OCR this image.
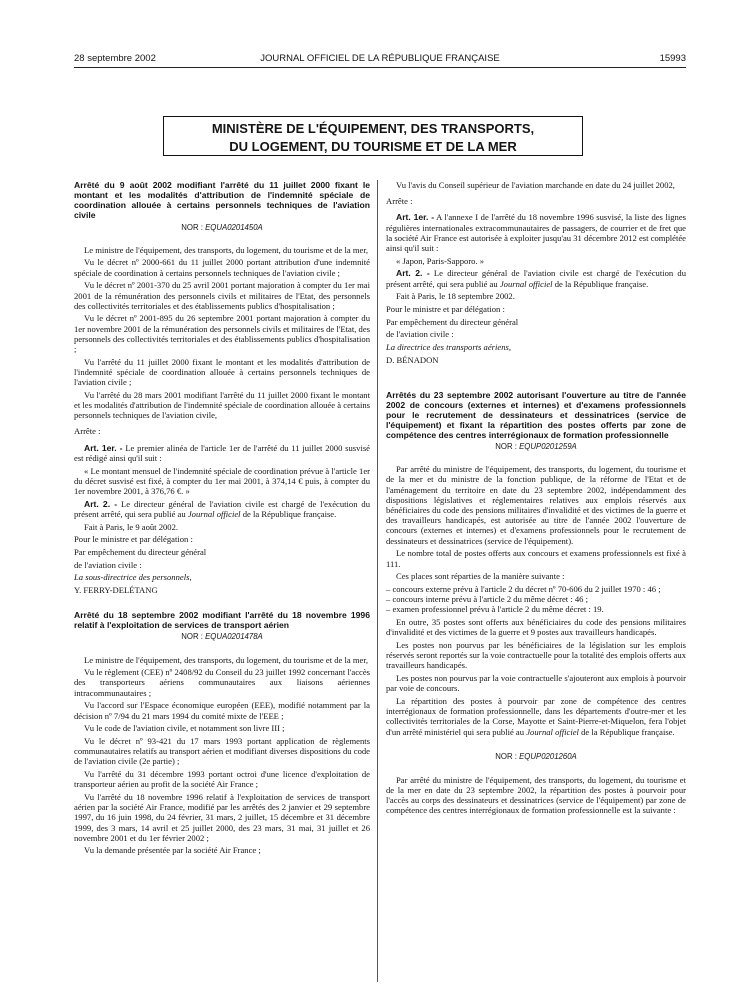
28 septembre 2002	JOURNAL OFFICIEL DE LA RÉPUBLIQUE FRANÇAISE	15993
MINISTÈRE DE L'ÉQUIPEMENT, DES TRANSPORTS,
DU LOGEMENT, DU TOURISME ET DE LA MER

Arrêté du 9 août 2002 modifiant l'arrêté du 11 juillet 2000 fixant le montant et les modalités d'attribution de l'indemnité spéciale de coordination allouée à certains personnels techniques de l'aviation civile

NOR : EQUA0201450A

Le ministre de l'équipement, des transports, du logement, du tourisme et de la mer,

Vu le décret nº 2000-661 du 11 juillet 2000 portant attribution d'une indemnité spéciale de coordination à certains personnels techniques de l'aviation civile ;

Vu le décret nº 2001-370 du 25 avril 2001 portant majoration à compter du 1er mai 2001 de la rémunération des personnels civils et militaires de l'Etat, des personnels des collectivités territoriales et des établissements publics d'hospitalisation ;

Vu le décret nº 2001-895 du 26 septembre 2001 portant majoration à compter du 1er novembre 2001 de la rémunération des personnels civils et militaires de l'Etat, des personnels des collectivités territoriales et des établissements publics d'hospitalisation ;

Vu l'arrêté du 11 juillet 2000 fixant le montant et les modalités d'attribution de l'indemnité spéciale de coordination allouée à certains personnels techniques de l'aviation civile ;

Vu l'arrêté du 28 mars 2001 modifiant l'arrêté du 11 juillet 2000 fixant le montant et les modalités d'attribution de l'indemnité spéciale de coordination allouée à certains personnels techniques de l'aviation civile,

Arrête :

Art. 1er. - Le premier alinéa de l'article 1er de l'arrêté du 11 juillet 2000 susvisé est rédigé ainsi qu'il suit :

« Le montant mensuel de l'indemnité spéciale de coordination prévue à l'article 1er du décret susvisé est fixé, à compter du 1er mai 2001, à 374,14 € puis, à compter du 1er novembre 2001, à 376,76 €. »

Art. 2. - Le directeur général de l'aviation civile est chargé de l'exécution du présent arrêté, qui sera publié au Journal officiel de la République française.

Fait à Paris, le 9 août 2002.

Pour le ministre et par délégation :

Par empêchement du directeur général

de l'aviation civile :

La sous-directrice des personnels,

Y. FERRY-DELÉTANG

Arrêté du 18 septembre 2002 modifiant l'arrêté du 18 novembre 1996 relatif à l'exploitation de services de transport aérien

NOR : EQUA0201478A

Le ministre de l'équipement, des transports, du logement, du tourisme et de la mer,

Vu le règlement (CEE) nº 2408/92 du Conseil du 23 juillet 1992 concernant l'accès des transporteurs aériens communautaires aux liaisons aériennes intracommunautaires ;

Vu l'accord sur l'Espace économique européen (EEE), modifié notamment par la décision nº 7/94 du 21 mars 1994 du comité mixte de l'EEE ;

Vu le code de l'aviation civile, et notamment son livre III ;

Vu le décret nº 93-421 du 17 mars 1993 portant application de règlements communautaires relatifs au transport aérien et modifiant diverses dispositions du code de l'aviation civile (2e partie) ;

Vu l'arrêté du 31 décembre 1993 portant octroi d'une licence d'exploitation de transporteur aérien au profit de la société Air France ;

Vu l'arrêté du 18 novembre 1996 relatif à l'exploitation de services de transport aérien par la société Air France, modifié par les arrêtés des 2 janvier et 29 septembre 1997, du 16 juin 1998, du 24 février, 31 mars, 2 juillet, 15 décembre et 31 décembre 1999, des 3 mars, 14 avril et 25 juillet 2000, des 23 mars, 31 mai, 31 juillet et 26 novembre 2001 et du 1er février 2002 ;

Vu la demande présentée par la société Air France ;

Vu l'avis du Conseil supérieur de l'aviation marchande en date du 24 juillet 2002,

Arrête :

Art. 1er. - A l'annexe I de l'arrêté du 18 novembre 1996 susvisé, la liste des lignes régulières internationales extracommunautaires de passagers, de courrier et de fret que la société Air France est autorisée à exploiter jusqu'au 31 décembre 2012 est complétée ainsi qu'il suit :

« Japon, Paris-Sapporo. »

Art. 2. - Le directeur général de l'aviation civile est chargé de l'exécution du présent arrêté, qui sera publié au Journal officiel de la République française.

Fait à Paris, le 18 septembre 2002.

Pour le ministre et par délégation :

Par empêchement du directeur général

de l'aviation civile :

La directrice des transports aériens,

D. BÉNADON

Arrêtés du 23 septembre 2002 autorisant l'ouverture au titre de l'année 2002 de concours (externes et internes) et d'examens professionnels pour le recrutement de dessinateurs et dessinatrices (service de l'équipement) et fixant la répartition des postes offerts par zone de compétence des centres interrégionaux de formation professionnelle

NOR : EQUP0201259A

Par arrêté du ministre de l'équipement, des transports, du logement, du tourisme et de la mer et du ministre de la fonction publique, de la réforme de l'Etat et de l'aménagement du territoire en date du 23 septembre 2002, indépendamment des dispositions législatives et réglementaires relatives aux emplois réservés aux bénéficiaires du code des pensions militaires d'invalidité et des victimes de la guerre et des travailleurs handicapés, est autorisée au titre de l'année 2002 l'ouverture de concours (externes et internes) et d'examens professionnels pour le recrutement de dessinateurs et dessinatrices (service de l'équipement).

Le nombre total de postes offerts aux concours et examens professionnels est fixé à 111.

Ces places sont réparties de la manière suivante :

– concours externe prévu à l'article 2 du décret nº 70-606 du 2 juillet 1970 : 46 ;
– concours interne prévu à l'article 2 du même décret : 46 ;
– examen professionnel prévu à l'article 2 du même décret : 19.

En outre, 35 postes sont offerts aux bénéficiaires du code des pensions militaires d'invalidité et des victimes de la guerre et 9 postes aux travailleurs handicapés.

Les postes non pourvus par les bénéficiaires de la législation sur les emplois réservés seront reportés sur la voie contractuelle pour la totalité des emplois offerts aux travailleurs handicapés.

Les postes non pourvus par la voie contractuelle s'ajouteront aux emplois à pourvoir par voie de concours.

La répartition des postes à pourvoir par zone de compétence des centres interrégionaux de formation professionnelle, dans les départements d'outre-mer et les collectivités territoriales de la Corse, Mayotte et Saint-Pierre-et-Miquelon, fera l'objet d'un arrêté ministériel qui sera publié au Journal officiel de la République française.

NOR : EQUP0201260A

Par arrêté du ministre de l'équipement, des transports, du logement, du tourisme et de la mer en date du 23 septembre 2002, la répartition des postes à pourvoir pour l'accès au corps des dessinateurs et dessinatrices (service de l'équipement) par zone de compétence des centres interrégionaux de formation professionnelle est la suivante :
